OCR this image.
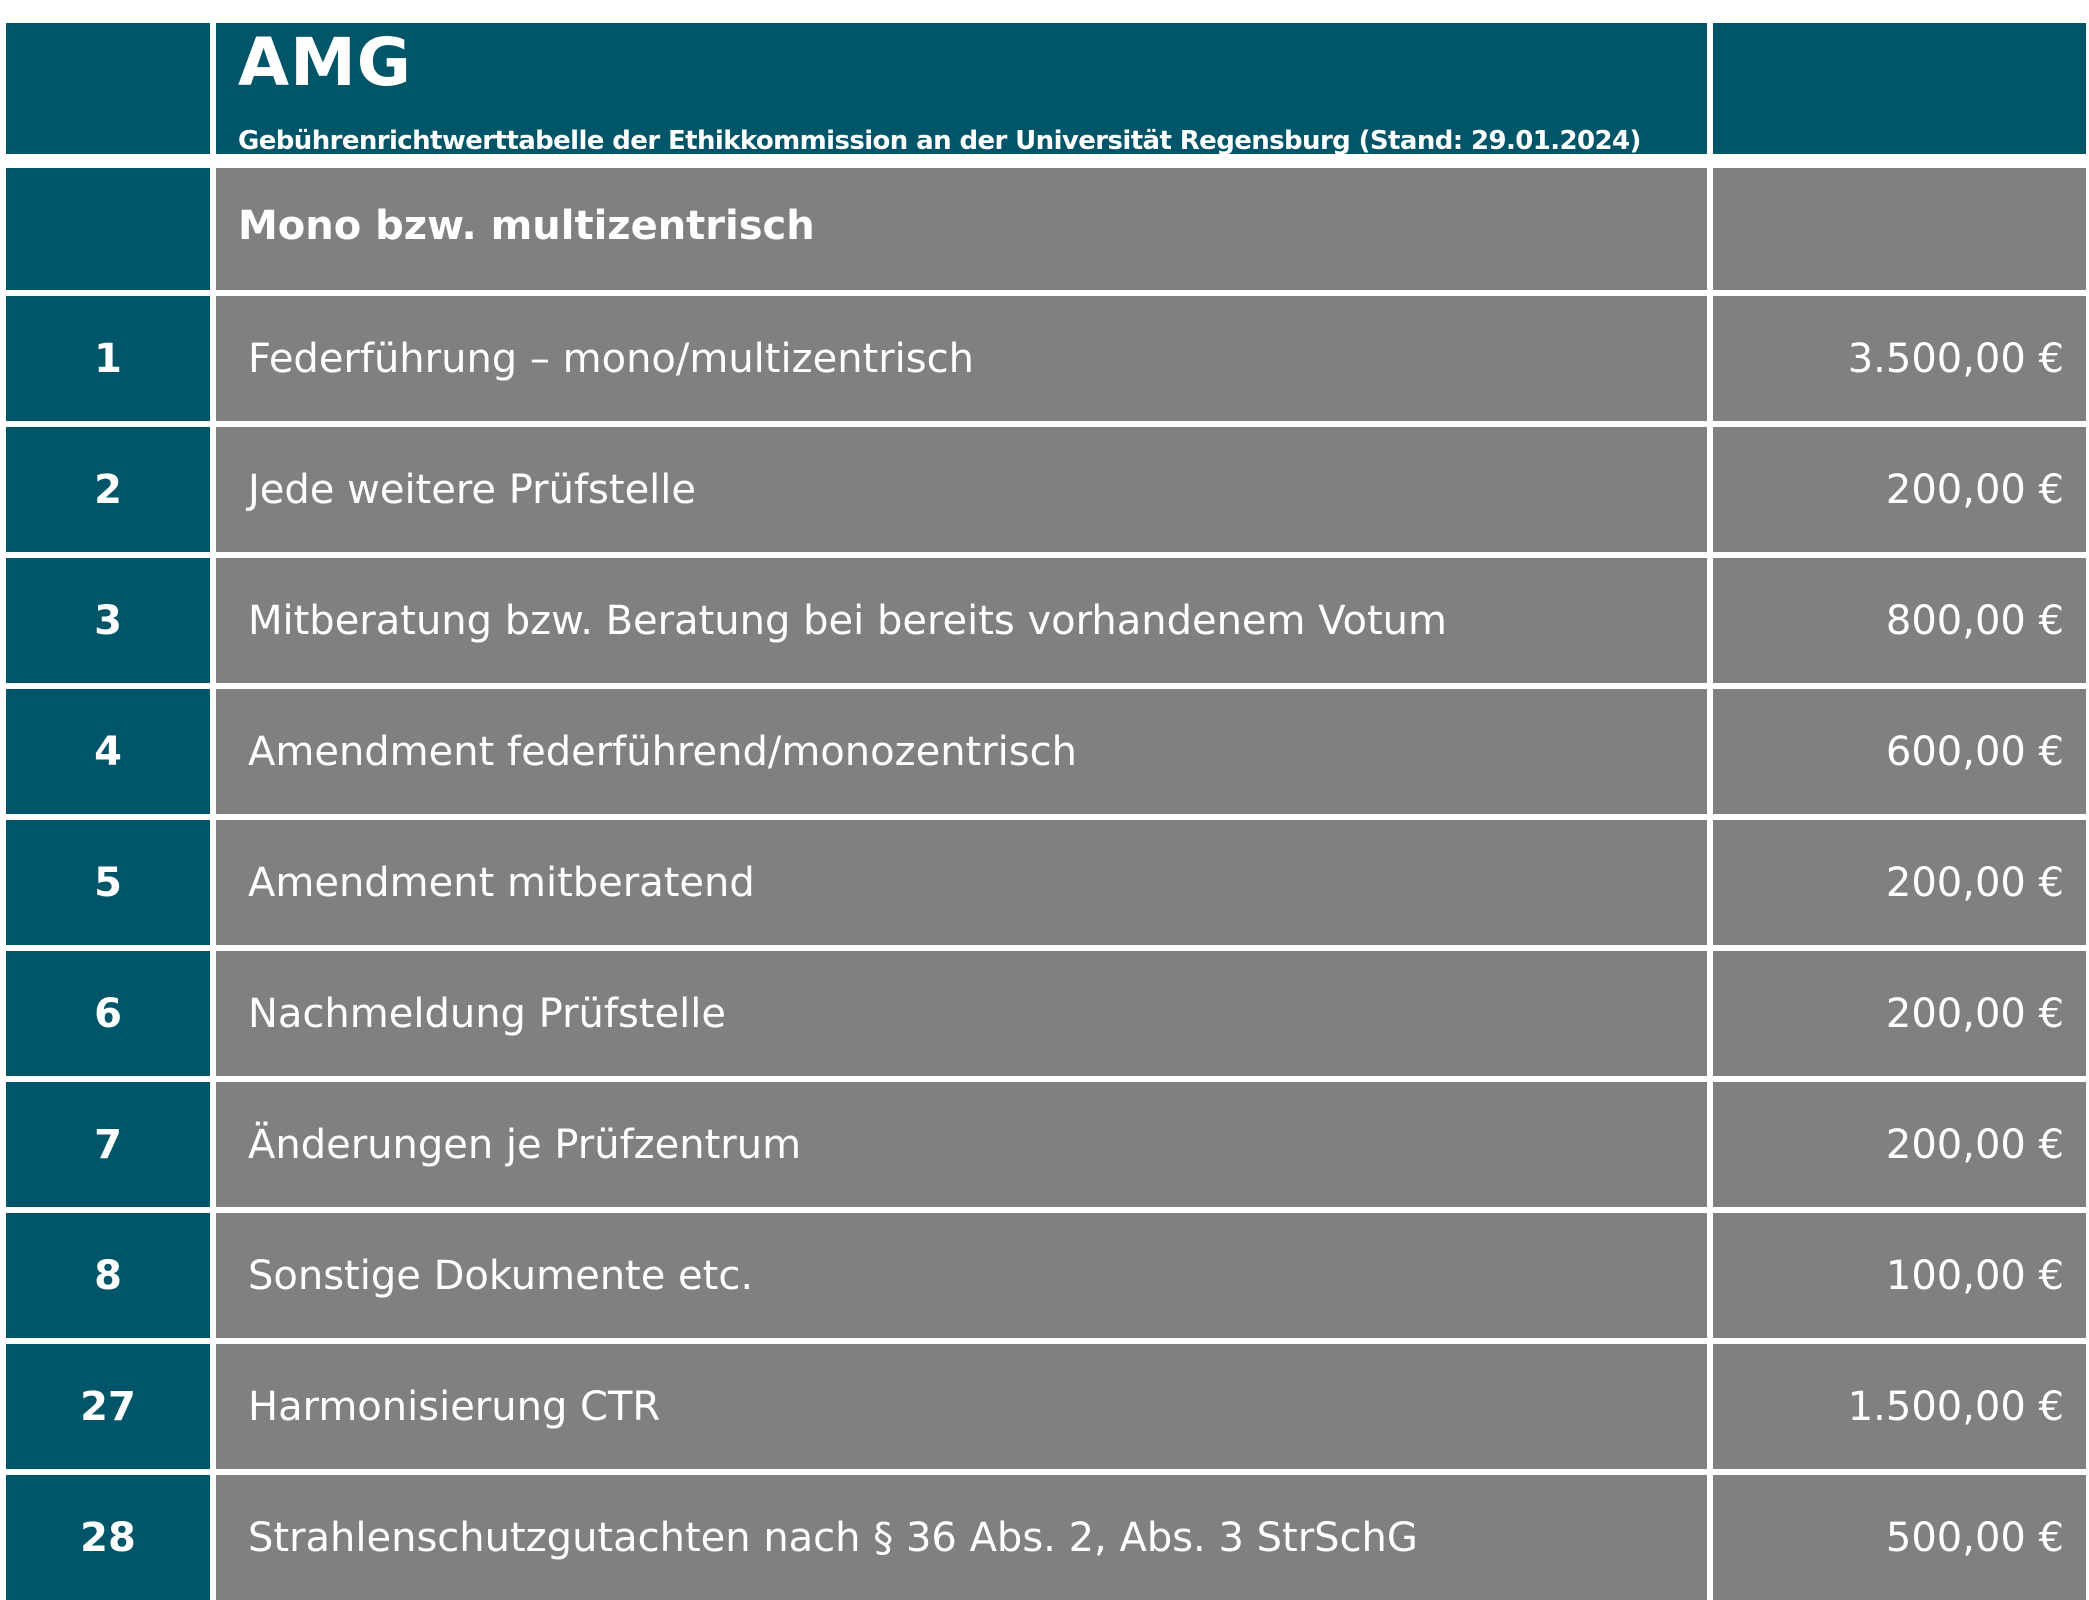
AMG
Gebührenrichtwerttabelle der Ethikkommission an der Universität Regensburg (Stand: 29.01.2024)
Mono bzw. multizentrisch
1	Federführung – mono/multizentrisch	3.500,00 €
2	Jede weitere Prüfstelle	200,00 €
3	Mitberatung bzw. Beratung bei bereits vorhandenem Votum	800,00 €
4	Amendment federführend/monozentrisch	600,00 €
5	Amendment mitberatend	200,00 €
6	Nachmeldung Prüfstelle	200,00 €
7	Änderungen je Prüfzentrum	200,00 €
8	Sonstige Dokumente etc.	100,00 €
27	Harmonisierung CTR	1.500,00 €
28	Strahlenschutzgutachten nach § 36 Abs. 2, Abs. 3 StrSchG	500,00 €
